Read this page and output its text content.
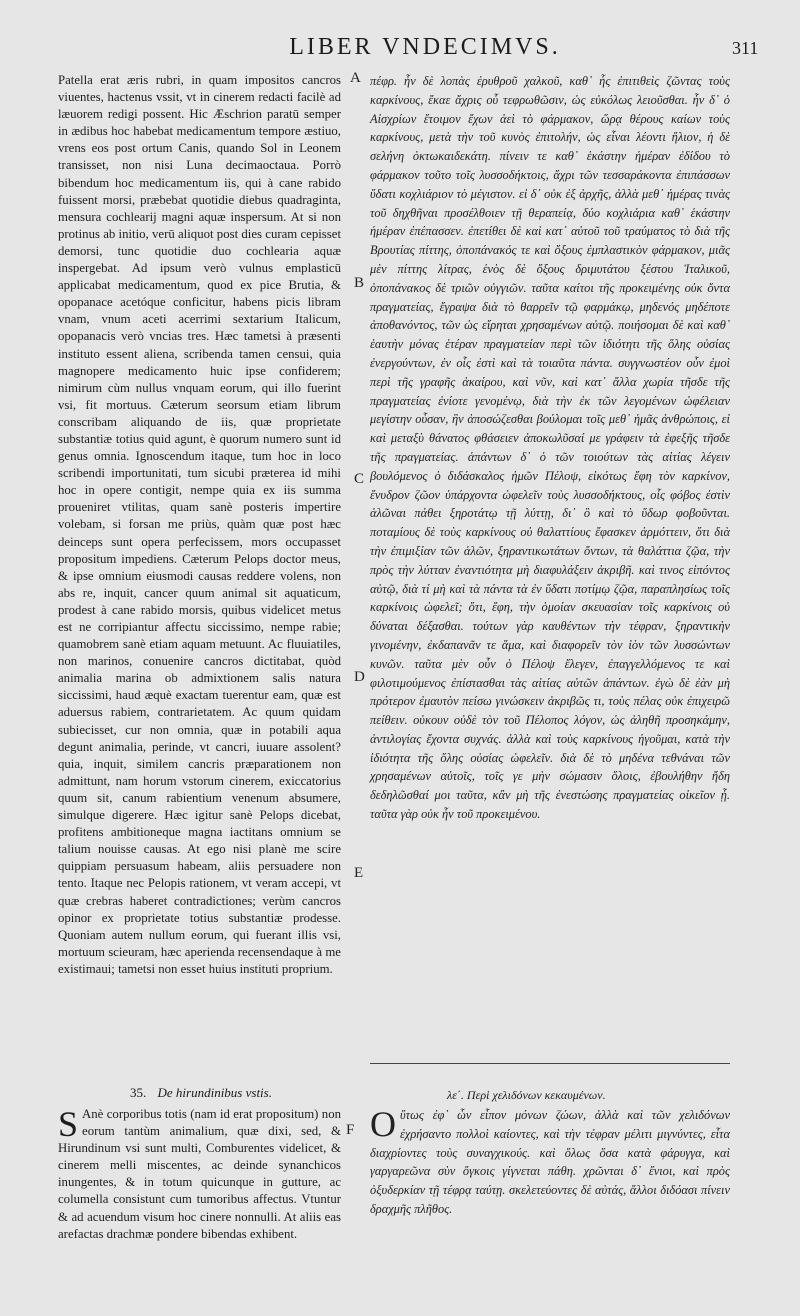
LIBER VNDECIMVS.	311

Patella erat æris rubri, in quam impositos cancros viuentes, hactenus vssit, vt in cinerem redacti facilè ad læuorem redigi possent. Hic Æschrion paratū semper in ædibus hoc habebat medicamentum tempore æstiuo, vrens eos post ortum Canis, quando Sol in Leonem transisset, non nisi Luna decimaoctaua. Porrò bibendum hoc medicamentum iis, qui à cane rabido fuissent morsi, præbebat quotidie diebus quadraginta, mensura cochlearij magni aquæ inspersum. At si non protinus ab initio, verū aliquot post dies curam cepisset demorsi, tunc quotidie duo cochlearia aquæ inspergebat. Ad ipsum verò vulnus emplasticū applicabat medicamentum, quod ex pice Brutia, & opopanace acetóque conficitur, habens picis libram vnam, vnum aceti acerrimi sextarium Italicum, opopanacis verò vncias tres. Hæc tametsi à præsenti instituto essent aliena, scribenda tamen censui, quia magnopere medicamento huic ipse confiderem; nimirum cùm nullus vnquam eorum, qui illo fuerint vsi, fit mortuus. Cæterum seorsum etiam librum conscribam aliquando de iis, quæ proprietate substantiæ totius quid agunt, è quorum numero sunt id genus omnia. Ignoscendum itaque, tum hoc in loco scribendi importunitati, tum sicubi præterea id mihi hoc in opere contigit, nempe quia ex iis summa proueniret vtilitas, quam sanè posteris impertire volebam, si forsan me priùs, quàm quæ post hæc deinceps sunt opera perfecissem, mors occupasset propositum impediens. Cæterum Pelops doctor meus, & ipse omnium eiusmodi causas reddere volens, non abs re, inquit, cancer quum animal sit aquaticum, prodest à cane rabido morsis, quibus videlicet metus est ne corripiantur affectu siccissimo, nempe rabie; quamobrem sanè etiam aquam metuunt. Ac fluuiatiles, non marinos, conuenire cancros dictitabat, quòd animalia marina ob admixtionem salis natura siccissimi, haud æquè exactam tuerentur eam, quæ est aduersus rabiem, contrarietatem. Ac quum quidam subiecisset, cur non omnia, quæ in potabili aqua degunt animalia, perinde, vt cancri, iuuare assolent? quia, inquit, similem cancris præparationem non admittunt, nam horum vstorum cinerem, exiccatorius quum sit, canum rabientium venenum absumere, simulque digerere. Hæc igitur sanè Pelops dicebat, profitens ambitioneque magna iactitans omnium se talium nouisse causas. At ego nisi planè me scire quippiam persuasum habeam, aliis persuadere non tento. Itaque nec Pelopis rationem, vt veram accepi, vt quæ crebras haberet contradictiones; verùm cancros opinor ex proprietate totius substantiæ prodesse. Quoniam autem nullum eorum, qui fuerant illis vsi, mortuum scieuram, hæc aperienda recensendaque à me existimaui; tametsi non esset huius instituti proprium.

πέφρ. ἦν δὲ λοπὰς ἐρυθροῦ χαλκοῦ, καθ᾽ ἧς ἐπιτιθεὶς ζῶντας τοὺς καρκίνους, ἔκαε ἄχρις οὗ τεφρωθῶσιν, ὡς εὐκόλως λειοῦσθαι. ἦν δ᾽ ὁ Αἰσχρίων ἔτοιμον ἔχων ἀεὶ τὸ φάρμακον, ὥρᾳ θέρους καίων τοὺς καρκίνους, μετὰ τὴν τοῦ κυνὸς ἐπιτολήν, ὡς εἶναι λέοντι ἥλιον, ἡ δὲ σελήνη ὀκτωκαιδεκάτη. πίνειν τε καθ᾽ ἑκάστην ἡμέραν ἐδίδου τὸ φάρμακον τοῦτο τοῖς λυσσοδήκτοις, ἄχρι τῶν τεσσαράκοντα ἐπιπάσσων ὕδατι κοχλιάριον τὸ μέγιστον. εἰ δ᾽ οὐκ ἐξ ἀρχῆς, ἀλλὰ μεθ᾽ ἡμέρας τινὰς τοῦ δηχθῆναι προσέλθοιεν τῇ θεραπείᾳ, δύο κοχλιάρια καθ᾽ ἑκάστην ἡμέραν ἐπέπασσεν. ἐπετίθει δὲ καὶ κατ᾽ αὐτοῦ τοῦ τραύματος τὸ διὰ τῆς Βρουτίας πίττης, ὀποπάνακός τε καὶ ὄξους ἐμπλαστικὸν φάρμακον, μιᾶς μὲν πίττης λίτρας, ἑνὸς δὲ ὄξους δριμυτάτου ξέστου Ἰταλικοῦ, ὀποπάνακος δὲ τριῶν οὐγγιῶν. ταῦτα καίτοι τῆς προκειμένης οὐκ ὄντα πραγματείας, ἔγραψα διὰ τὸ θαρρεῖν τῷ φαρμάκῳ, μηδενός μηδέποτε ἀποθανόντος, τῶν ὡς εἴρηται χρησαμένων αὐτῷ. ποιήσομαι δὲ καὶ καθ᾽ ἑαυτὴν μόνας ἑτέραν πραγματείαν περὶ τῶν ἰδιότητι τῆς ὅλης οὐσίας ἐνεργούντων, ἐν οἷς ἐστὶ καὶ τὰ τοιαῦτα πάντα. συγγνωστέον οὖν ἐμοὶ περὶ τῆς γραφῆς ἀκαίρου, καὶ νῦν, καὶ κατ᾽ ἄλλα χωρία τῆσδε τῆς πραγματείας ἐνίοτε γενομένῳ, διὰ τὴν ἐκ τῶν λεγομένων ὠφέλειαν μεγίστην οὖσαν, ἣν ἀποσώζεσθαι βούλομαι τοῖς μεθ᾽ ἡμᾶς ἀνθρώποις, εἰ καὶ μεταξὺ θάνατος φθάσειεν ἀποκωλῦσαί με γράφειν τὰ ἐφεξῆς τῆσδε τῆς πραγματείας. ἁπάντων δ᾽ ὁ τῶν τοιούτων τὰς αἰτίας λέγειν βουλόμενος ὁ διδάσκαλος ἡμῶν Πέλοψ, εἰκότως ἔφη τὸν καρκίνον, ἔνυδρον ζῶον ὑπάρχοντα ὠφελεῖν τοὺς λυσσοδήκτους, οἷς φόβος ἐστὶν ἁλῶναι πάθει ξηροτάτῳ τῇ λύττῃ, δι᾽ ὃ καὶ τὸ ὕδωρ φοβοῦνται. ποταμίους δὲ τοὺς καρκίνους οὐ θαλαττίους ἔφασκεν ἁρμόττειν, ὅτι διὰ τὴν ἐπιμιξίαν τῶν ἁλῶν, ξηραντικωτάτων ὄντων, τὰ θαλάττια ζῷα, τὴν πρὸς τὴν λύτταν ἐναντιότητα μὴ διαφυλάξειν ἀκριβῆ. καὶ τινος εἰπόντος αὐτῷ, διὰ τί μὴ καὶ τὰ πάντα τὰ ἐν ὕδατι ποτίμῳ ζῷα, παραπλησίως τοῖς καρκίνοις ὠφελεῖ; ὅτι, ἔφη, τὴν ὁμοίαν σκευασίαν τοῖς καρκίνοις οὐ δύναται δέξασθαι. τούτων γὰρ καυθέντων τὴν τέφραν, ξηραντικὴν γινομένην, ἐκδαπανᾶν τε ἅμα, καὶ διαφορεῖν τὸν ἰὸν τῶν λυσσώντων κυνῶν. ταῦτα μὲν οὖν ὁ Πέλοψ ἔλεγεν, ἐπαγγελλόμενος τε καὶ φιλοτιμούμενος ἐπίστασθαι τὰς αἰτίας αὐτῶν ἁπάντων. ἐγὼ δὲ ἐὰν μὴ πρότερον ἐμαυτὸν πείσω γινώσκειν ἀκριβῶς τι, τοὺς πέλας οὐκ ἐπιχειρῶ πείθειν. οὐκουν οὐδὲ τὸν τοῦ Πέλοπος λόγον, ὡς ἀληθῆ προσηκάμην, ἀντιλογίας ἔχοντα συχνάς. ἀλλὰ καὶ τοὺς καρκίνους ἡγοῦμαι, κατὰ τὴν ἰδιότητα τῆς ὅλης οὐσίας ὠφελεῖν. διὰ δὲ τὸ μηδένα τεθνάναι τῶν χρησαμένων αὐτοῖς, τοῖς γε μὴν σώμασιν ὅλοις, ἐβουλήθην ἤδη δεδηλῶσθαί μοι ταῦτα, κἂν μὴ τῆς ἐνεστώσης πραγματείας οἰκεῖον ᾖ. ταῦτα γὰρ οὐκ ἦν τοῦ προκειμένου.

A
B
C
D
E
F
35. De hirundinibus vstis.	λε΄. Περὶ χελιδόνων κεκαυμένων.

S Anè corporibus totis (nam id erat propositum) non eorum tantùm animalium, quæ dixi, sed, & Hirundinum vsi sunt multi, Comburentes videlicet, & cinerem melli miscentes, ac deinde synanchicos inungentes, & in totum quicunque in gutture, ac columella consistunt cum tumoribus affectus. Vtuntur & ad acuendum visum hoc cinere nonnulli. At aliis eas arefactas drachmæ pondere bibendas exhibent.

Ο ὕτως ἐφ᾽ ὧν εἶπον μόνων ζώων, ἀλλὰ καὶ τῶν χελιδόνων ἐχρήσαντο πολλοὶ καίοντες, καὶ τὴν τέφραν μέλιτι μιγνύντες, εἶτα διαχρίοντες τοὺς συναγχικούς. καὶ ὅλως ὅσα κατὰ φάρυγγα, καὶ γαργαρεῶνα σὺν ὄγκοις γίγνεται πάθη. χρῶνται δ᾽ ἔνιοι, καὶ πρὸς ὀξυδερκίαν τῇ τέφρᾳ ταύτῃ. σκελετεύοντες δὲ αὐτάς, ἄλλοι διδόασι πίνειν δραχμῆς πλῆθος.
